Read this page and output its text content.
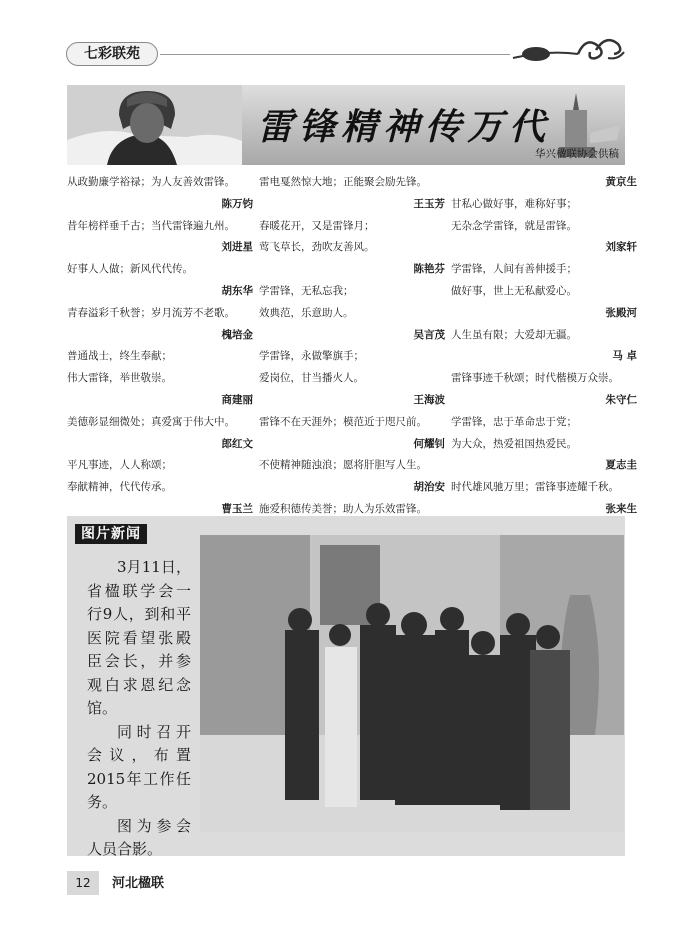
七彩联苑
雷锋精神传万代
华兴楹联协会供稿
从政勤廉学裕禄；为人友善效雷锋。
陈万钧
昔年榜样垂千古；当代雷锋遍九州。
刘进星
好事人人做；新风代代传。
胡东华
青春溢彩千秋誉；岁月流芳不老歌。
槐培金
普通战士，终生奉献；
伟大雷锋，举世敬崇。
商建丽
美德彰显细微处；真爱寓于伟大中。
郎红文
平凡事迹，人人称颂；
奉献精神，代代传承。
曹玉兰
雷电戛然惊大地；正能聚会励先锋。
王玉芳
春暖花开，又是雷锋月；
莺飞草长，劲吹友善风。
陈艳芬
学雷锋，无私忘我；
效典范，乐意助人。
吴言茂
学雷锋，永做擎旗手；
爱岗位，甘当播火人。
王海波
雷锋不在天涯外；模范近于咫尺前。
何耀钊
不使精神随浊浪；愿将肝胆写人生。
胡治安
施爱积德传美誉；助人为乐效雷锋。
黄京生
甘私心做好事，难称好事；
无杂念学雷锋，就是雷锋。
刘家轩
学雷锋，人间有善伸援手；
做好事，世上无私献爱心。
张殿河
人生虽有限；大爱却无疆。
马 卓
雷锋事迹千秋颂；时代楷模万众崇。
朱守仁
学雷锋，忠于革命忠于党；
为大众，热爱祖国热爱民。
夏志圭
时代雄风驰万里；雷锋事迹耀千秋。
张来生
图片新闻

3月11日，省楹联学会一行9人，到和平医院看望张殿臣会长，并参观白求恩纪念馆。

同时召开会议，布置2015年工作任务。

图为参会人员合影。

12	河北楹联
